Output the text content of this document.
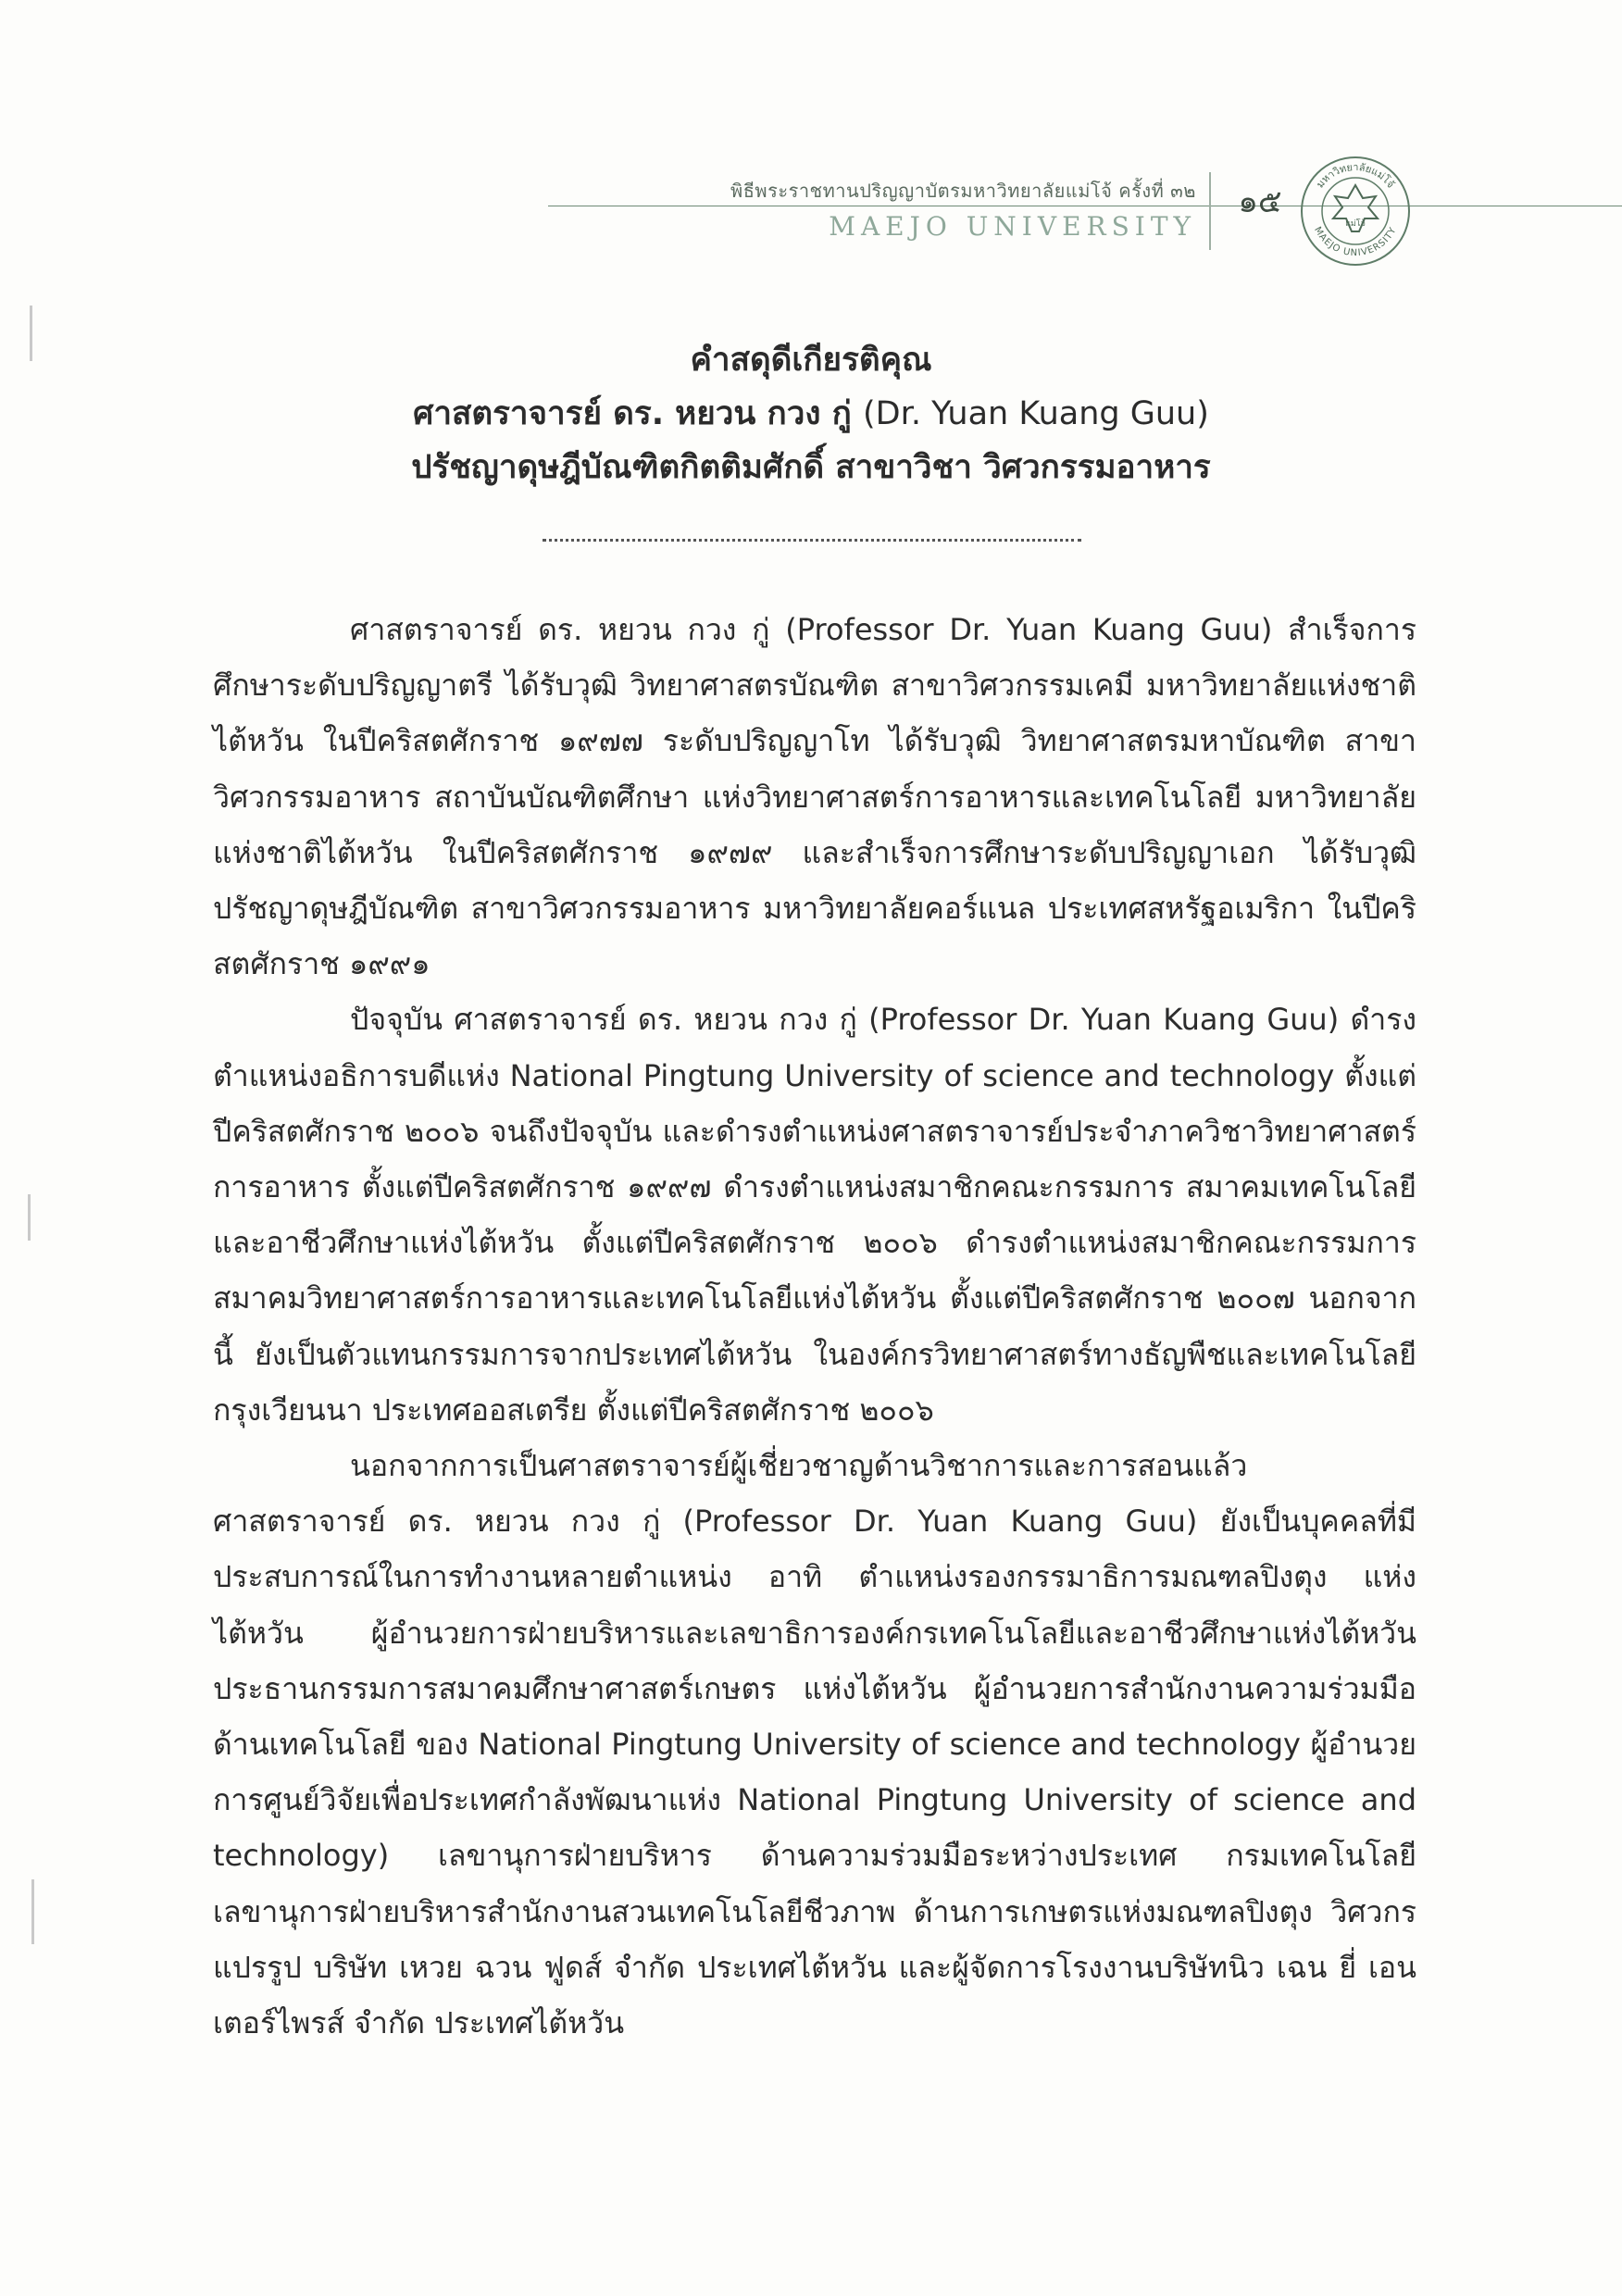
พิธีพระราชทานปริญญาบัตรมหาวิทยาลัยแม่โจ้ ครั้งที่ ๓๒
MAEJO UNIVERSITY
๑๕	มหาวิทยาลัยแม่โจ้
MAEJO UNIVERSITY
แม่โจ้
คำสดุดีเกียรติคุณ
ศาสตราจารย์ ดร. หยวน กวง กู่ (Dr. Yuan Kuang Guu)
ปรัชญาดุษฎีบัณฑิตกิตติมศักดิ์ สาขาวิชา วิศวกรรมอาหาร

ศาสตราจารย์ ดร. หยวน กวง กู่ (Professor Dr. Yuan Kuang Guu) สำเร็จการศึกษาระดับปริญญาตรี ได้รับวุฒิ วิทยาศาสตรบัณฑิต สาขาวิศวกรรมเคมี มหาวิทยาลัยแห่งชาติไต้หวัน ในปีคริสตศักราช ๑๙๗๗ ระดับปริญญาโท ได้รับวุฒิ วิทยาศาสตรมหาบัณฑิต สาขาวิศวกรรมอาหาร สถาบันบัณฑิตศึกษา แห่งวิทยาศาสตร์การอาหารและเทคโนโลยี มหาวิทยาลัยแห่งชาติไต้หวัน ในปีคริสตศักราช ๑๙๗๙ และสำเร็จการศึกษาระดับปริญญาเอก ได้รับวุฒิ ปรัชญาดุษฎีบัณฑิต สาขาวิศวกรรมอาหาร มหาวิทยาลัยคอร์แนล ประเทศสหรัฐอเมริกา ในปีคริสตศักราช ๑๙๙๑

ปัจจุบัน ศาสตราจารย์ ดร. หยวน กวง กู่ (Professor Dr. Yuan Kuang Guu) ดำรงตำแหน่งอธิการบดีแห่ง National Pingtung University of science and technology ตั้งแต่ปีคริสตศักราช ๒๐๐๖ จนถึงปัจจุบัน และดำรงตำแหน่งศาสตราจารย์ประจำภาควิชาวิทยาศาสตร์การอาหาร ตั้งแต่ปีคริสตศักราช ๑๙๙๗ ดำรงตำแหน่งสมาชิกคณะกรรมการ สมาคมเทคโนโลยีและอาชีวศึกษาแห่งไต้หวัน ตั้งแต่ปีคริสตศักราช ๒๐๐๖ ดำรงตำแหน่งสมาชิกคณะกรรมการ สมาคมวิทยาศาสตร์การอาหารและเทคโนโลยีแห่งไต้หวัน ตั้งแต่ปีคริสตศักราช ๒๐๐๗ นอกจากนี้ ยังเป็นตัวแทนกรรมการจากประเทศไต้หวัน ในองค์กรวิทยาศาสตร์ทางธัญพืชและเทคโนโลยีกรุงเวียนนา ประเทศออสเตรีย ตั้งแต่ปีคริสตศักราช ๒๐๐๖

นอกจากการเป็นศาสตราจารย์ผู้เชี่ยวชาญด้านวิชาการและการสอนแล้ว ศาสตราจารย์ ดร. หยวน กวง กู่ (Professor Dr. Yuan Kuang Guu) ยังเป็นบุคคลที่มีประสบการณ์ในการทำงานหลายตำแหน่ง อาทิ ตำแหน่งรองกรรมาธิการมณฑลปิงตุง แห่งไต้หวัน ผู้อำนวยการฝ่ายบริหารและเลขาธิการองค์กรเทคโนโลยีและอาชีวศึกษาแห่งไต้หวัน ประธานกรรมการสมาคมศึกษาศาสตร์เกษตร แห่งไต้หวัน ผู้อำนวยการสำนักงานความร่วมมือด้านเทคโนโลยี ของ National Pingtung University of science and technology ผู้อำนวยการศูนย์วิจัยเพื่อประเทศกำลังพัฒนาแห่ง National Pingtung University of science and technology) เลขานุการฝ่ายบริหาร ด้านความร่วมมือระหว่างประเทศ กรมเทคโนโลยี เลขานุการฝ่ายบริหารสำนักงานสวนเทคโนโลยีชีวภาพ ด้านการเกษตรแห่งมณฑลปิงตุง วิศวกรแปรรูป บริษัท เหวย ฉวน ฟูดส์ จำกัด ประเทศไต้หวัน และผู้จัดการโรงงานบริษัทนิว เฉน ยี่ เอนเตอร์ไพรส์ จำกัด ประเทศไต้หวัน
